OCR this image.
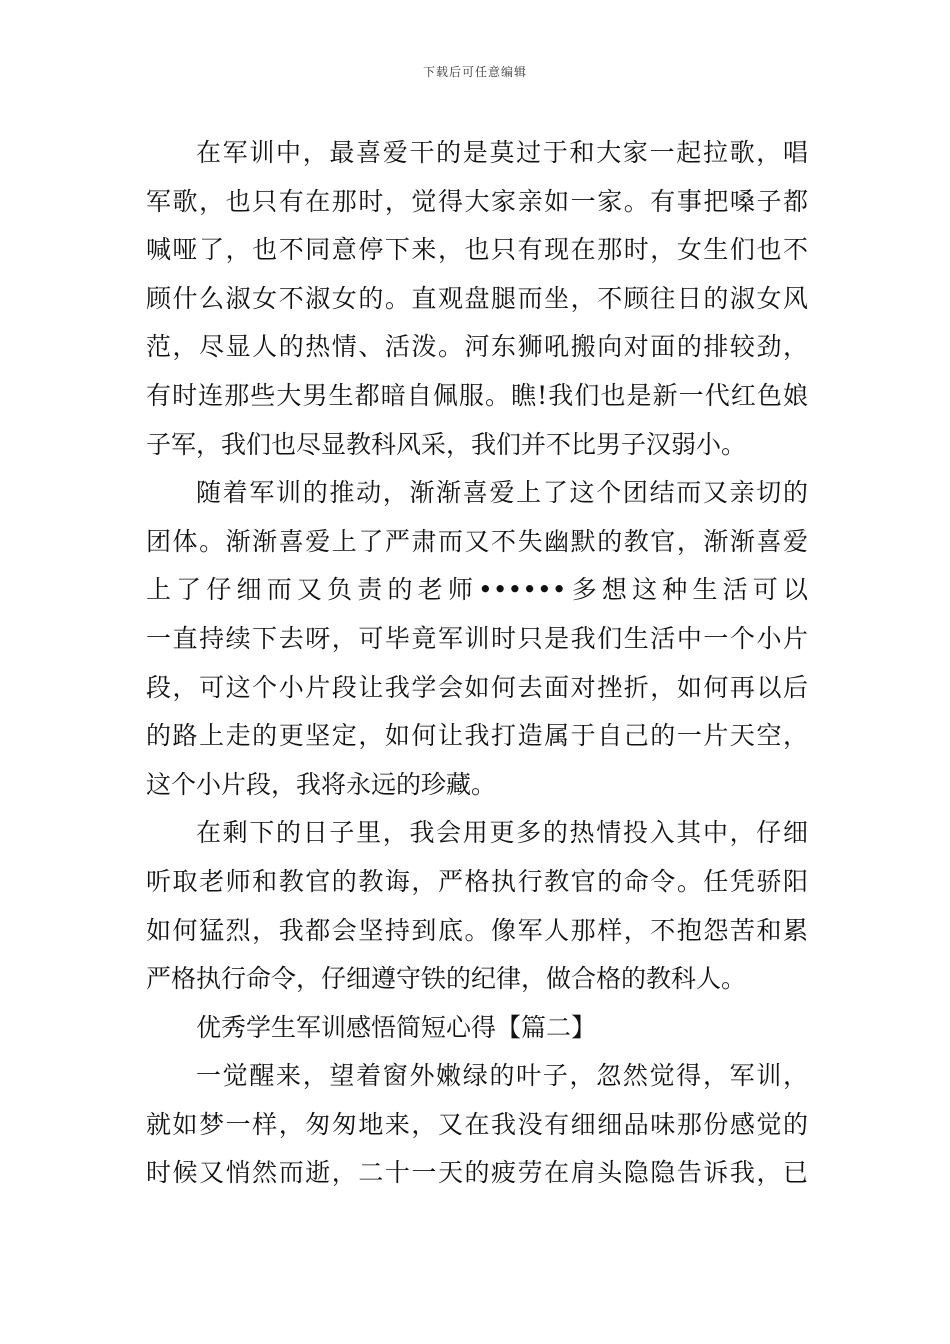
下载后可任意编辑
在军训中，最喜爱干的是莫过于和大家一起拉歌，唱
军歌，也只有在那时，觉得大家亲如一家。有事把嗓子都
喊哑了，也不同意停下来，也只有现在那时，女生们也不
顾什么淑女不淑女的。直观盘腿而坐，不顾往日的淑女风
范，尽显人的热情、活泼。河东狮吼搬向对面的排较劲，
有时连那些大男生都暗自佩服。瞧!我们也是新一代红色娘
子军，我们也尽显教科风采，我们并不比男子汉弱小。
随着军训的推动，渐渐喜爱上了这个团结而又亲切的
团体。渐渐喜爱上了严肃而又不失幽默的教官，渐渐喜爱
上了仔细而又负责的老师••••••多想这种生活可以
一直持续下去呀，可毕竟军训时只是我们生活中一个小片
段，可这个小片段让我学会如何去面对挫折，如何再以后
的路上走的更坚定，如何让我打造属于自己的一片天空，
这个小片段，我将永远的珍藏。
在剩下的日子里，我会用更多的热情投入其中，仔细
听取老师和教官的教诲，严格执行教官的命令。任凭骄阳
如何猛烈，我都会坚持到底。像军人那样，不抱怨苦和累
严格执行命令，仔细遵守铁的纪律，做合格的教科人。
优秀学生军训感悟简短心得【篇二】
一觉醒来，望着窗外嫩绿的叶子，忽然觉得，军训，
就如梦一样，匆匆地来，又在我没有细细品味那份感觉的
时候又悄然而逝，二十一天的疲劳在肩头隐隐告诉我，已
